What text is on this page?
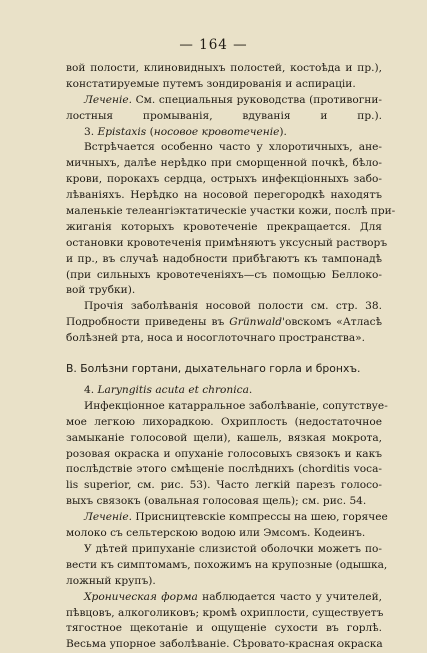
— 164 —
вой полости, клиновидныхъ полостей, костоѣда и пр.),
констатируемые путемъ зондированія и аспираціи.
Леченіе. См. специальныя руководства (противогни-
лостныя промыванія, вдуванія и пр.).
3. Epistaxis (носовое кровотеченіе).
Встрѣчается особенно часто у хлоротичныхъ, ане-
мичныхъ, далѣе нерѣдко при сморщенной почкѣ, бѣло-
крови, порокахъ сердца, острыхъ инфекціонныхъ забо-
лѣваніяхъ. Нерѣдко на носовой перегородкѣ находятъ
маленькіе телеангіэктатическіе участки кожи, послѣ при-
жиганія которыхъ кровотеченіе прекращается. Для
остановки кровотеченія примѣняютъ уксусный растворъ
и пр., въ случаѣ надобности прибѣгаютъ къ тампонадѣ
(при сильныхъ кровотеченіяхъ—съ помощью Беллоко-
вой трубки).
Прочія заболѣванія носовой полости см. стр. 38.
Подробности приведены въ Grünwald'овскомъ «Атласѣ
болѣзней рта, носа и носоглоточнаго пространства».
B. Болѣзни гортани, дыхательнаго горла и бронхъ.
4. Laryngitis acuta et chronica.
Инфекціонное катарральное заболѣваніе, сопутствуе-
мое легкою лихорадкою. Охриплость (недостаточное
замыканіе голосовой щели), кашель, вязкая мокрота,
розовая окраска и опуханіе голосовыхъ связокъ и какъ
послѣдствіе этого смѣщеніе послѣднихъ (chorditis voca-
lis superior, см. рис. 53). Часто легкій парезъ голосо-
выхъ связокъ (овальная голосовая щель); см. рис. 54.
Леченіе. Присництевскіе компрессы на шею, горячее
молоко съ сельтерскою водою или Эмсомъ. Кодеинъ.
У дѣтей припуханіе слизистой оболочки можетъ по-
вести къ симптомамъ, похожимъ на крупозные (одышка,
ложный крупъ).
Хроническая форма наблюдается часто у учителей,
пѣвцовъ, алкоголиковъ; кромѣ охриплости, существуетъ
тягостное щекотаніе и ощущеніе сухости въ горлѣ.
Весьма упорное заболѣваніе. Сѣровато-красная окраска
